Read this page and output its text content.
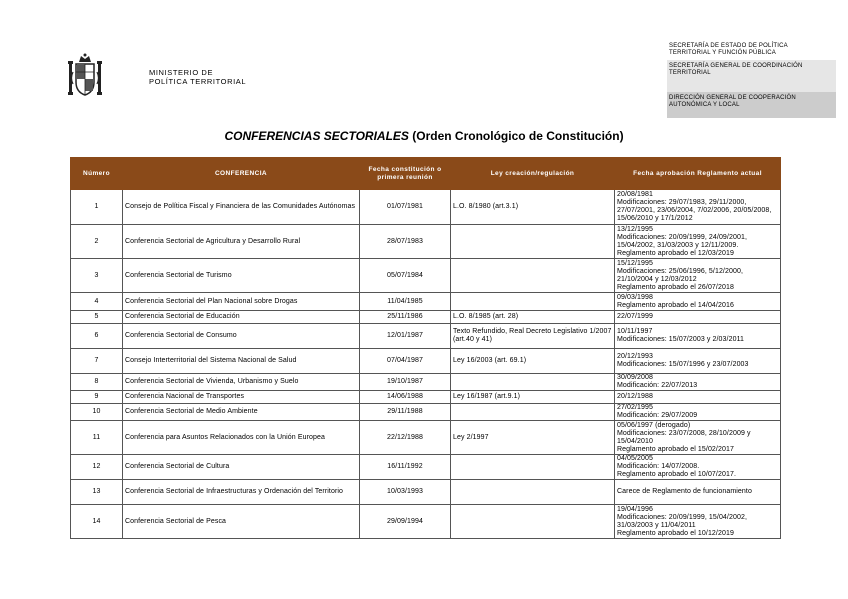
MINISTERIO DE
POLÍTICA TERRITORIAL
SECRETARÍA DE ESTADO DE POLÍTICA
TERRITORIAL Y FUNCIÓN PÚBLICA
SECRETARÍA GENERAL DE COORDINACIÓN
TERRITORIAL
DIRECCIÓN GENERAL DE COOPERACIÓN
AUTONÓMICA Y LOCAL
CONFERENCIAS SECTORIALES (Orden Cronológico de Constitución)
Número	CONFERENCIA	Fecha constitución o primera reunión	Ley creación/regulación	Fecha aprobación Reglamento actual
1	Consejo de Política Fiscal y Financiera de las Comunidades Autónomas	01/07/1981	L.O. 8/1980 (art.3.1)	20/08/1981
Modificaciones: 29/07/1983, 29/11/2000, 27/07/2001, 23/06/2004, 7/02/2006, 20/05/2008, 15/06/2010 y 17/1/2012
2	Conferencia Sectorial de Agricultura y Desarrollo Rural	28/07/1983		13/12/1995
Modificaciones: 20/09/1999, 24/09/2001, 15/04/2002, 31/03/2003 y 12/11/2009.
Reglamento aprobado el 12/03/2019
3	Conferencia Sectorial de Turismo	05/07/1984		15/12/1995
Modificaciones: 25/06/1996, 5/12/2000, 21/10/2004 y 12/03/2012
Reglamento aprobado el 26/07/2018
4	Conferencia Sectorial del Plan Nacional sobre Drogas	11/04/1985		09/03/1998
Reglamento aprobado el 14/04/2016
5	Conferencia Sectorial de Educación	25/11/1986	L.O. 8/1985 (art. 28)	22/07/1999
6	Conferencia Sectorial de Consumo	12/01/1987	Texto Refundido, Real Decreto Legislativo 1/2007 (art.40 y 41)	10/11/1997
Modificaciones: 15/07/2003 y 2/03/2011
7	Consejo Interterritorial del Sistema Nacional de Salud	07/04/1987	Ley 16/2003 (art. 69.1)	20/12/1993
Modificaciones: 15/07/1996 y 23/07/2003
8	Conferencia Sectorial de Vivienda, Urbanismo y Suelo	19/10/1987		30/09/2008
Modificación: 22/07/2013
9	Conferencia Nacional de Transportes	14/06/1988	Ley 16/1987 (art.9.1)	20/12/1988
10	Conferencia Sectorial de Medio Ambiente	29/11/1988		27/02/1995
Modificación: 29/07/2009
11	Conferencia para Asuntos Relacionados con la Unión Europea	22/12/1988	Ley 2/1997	05/06/1997 (derogado)
Modificaciones: 23/07/2008, 28/10/2009 y 15/04/2010
Reglamento aprobado el 15/02/2017
12	Conferencia Sectorial de Cultura	16/11/1992		04/05/2005
Modificación: 14/07/2008.
Reglamento aprobado el 10/07/2017.
13	Conferencia Sectorial de Infraestructuras y Ordenación del Territorio	10/03/1993		Carece de Reglamento de funcionamiento
14	Conferencia Sectorial de Pesca	29/09/1994		19/04/1996
Modificaciones: 20/09/1999, 15/04/2002, 31/03/2003 y 11/04/2011
Reglamento aprobado el 10/12/2019
